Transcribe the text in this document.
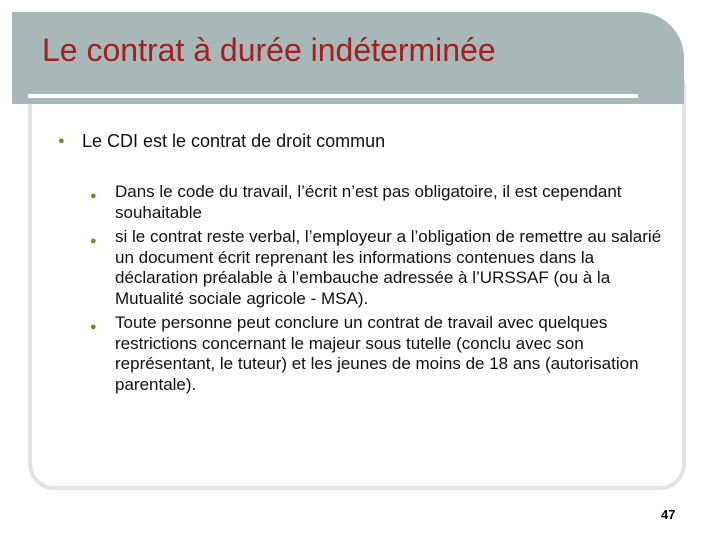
Le contrat à durée indéterminée
● Le CDI est le contrat de droit commun
● Dans le code du travail, l’écrit n’est pas obligatoire, il est cependant souhaitable
● si le contrat reste verbal, l’employeur a l’obligation de remettre au salarié un document écrit reprenant les informations contenues dans la déclaration préalable à l’embauche adressée à l’URSSAF (ou à la Mutualité sociale agricole - MSA).
● Toute personne peut conclure un contrat de travail avec quelques restrictions concernant le majeur sous tutelle (conclu avec son représentant, le tuteur) et les jeunes de moins de 18 ans (autorisation parentale).
47
